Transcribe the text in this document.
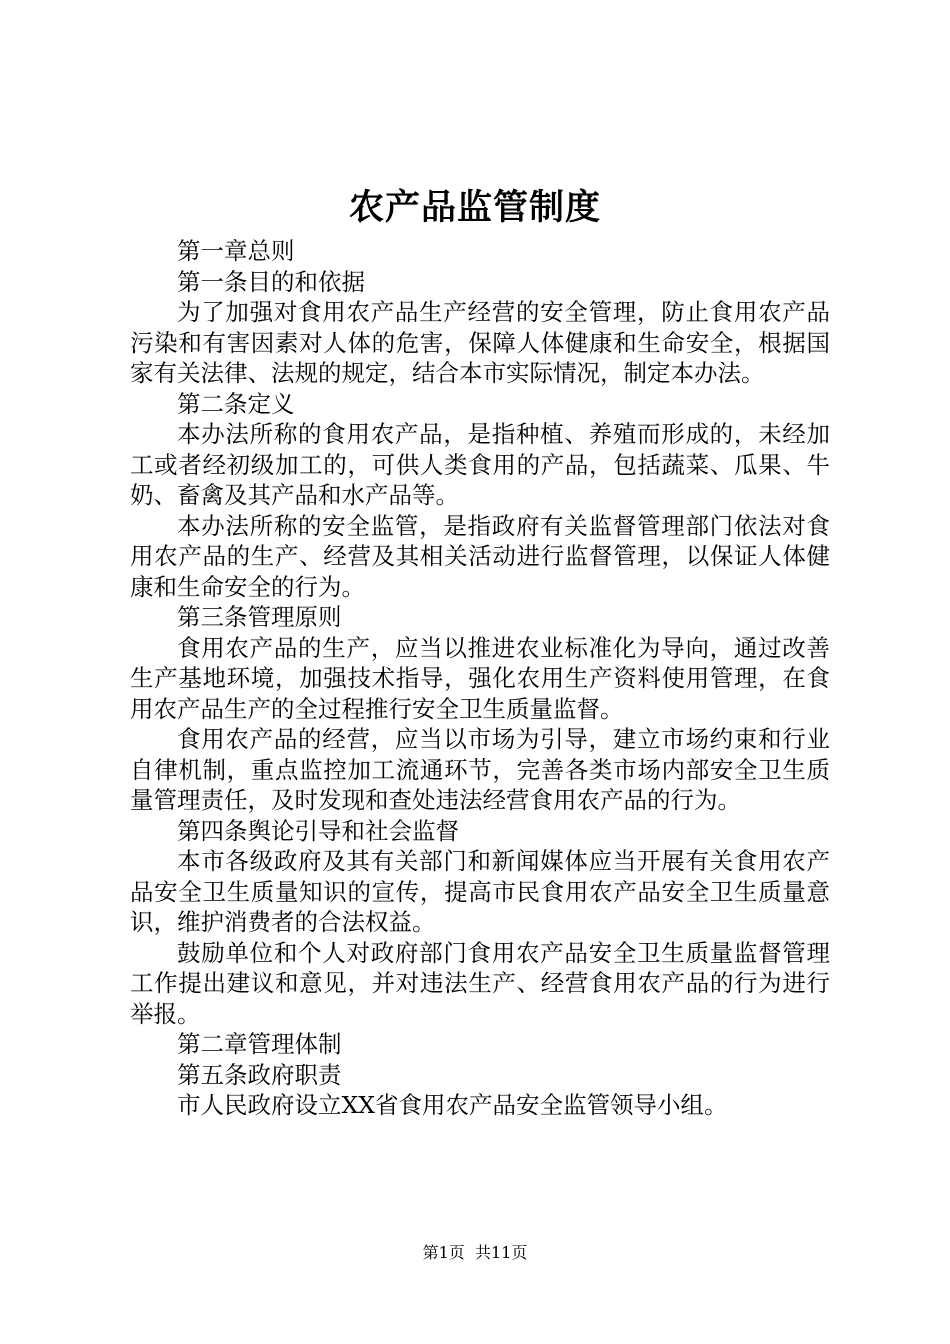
农产品监管制度

第一章总则

第一条目的和依据

为了加强对食用农产品生产经营的安全管理，防止食用农产品污染和有害因素对人体的危害，保障人体健康和生命安全，根据国家有关法律、法规的规定，结合本市实际情况，制定本办法。

第二条定义

本办法所称的食用农产品，是指种植、养殖而形成的，未经加工或者经初级加工的，可供人类食用的产品，包括蔬菜、瓜果、牛奶、畜禽及其产品和水产品等。

本办法所称的安全监管，是指政府有关监督管理部门依法对食用农产品的生产、经营及其相关活动进行监督管理，以保证人体健康和生命安全的行为。

第三条管理原则

食用农产品的生产，应当以推进农业标准化为导向，通过改善生产基地环境，加强技术指导，强化农用生产资料使用管理，在食用农产品生产的全过程推行安全卫生质量监督。

食用农产品的经营，应当以市场为引导，建立市场约束和行业自律机制，重点监控加工流通环节，完善各类市场内部安全卫生质量管理责任，及时发现和查处违法经营食用农产品的行为。

第四条舆论引导和社会监督

本市各级政府及其有关部门和新闻媒体应当开展有关食用农产品安全卫生质量知识的宣传，提高市民食用农产品安全卫生质量意识，维护消费者的合法权益。

鼓励单位和个人对政府部门食用农产品安全卫生质量监督管理工作提出建议和意见，并对违法生产、经营食用农产品的行为进行举报。

第二章管理体制

第五条政府职责

市人民政府设立XX省食用农产品安全监管领导小组。

第1页 共11页
